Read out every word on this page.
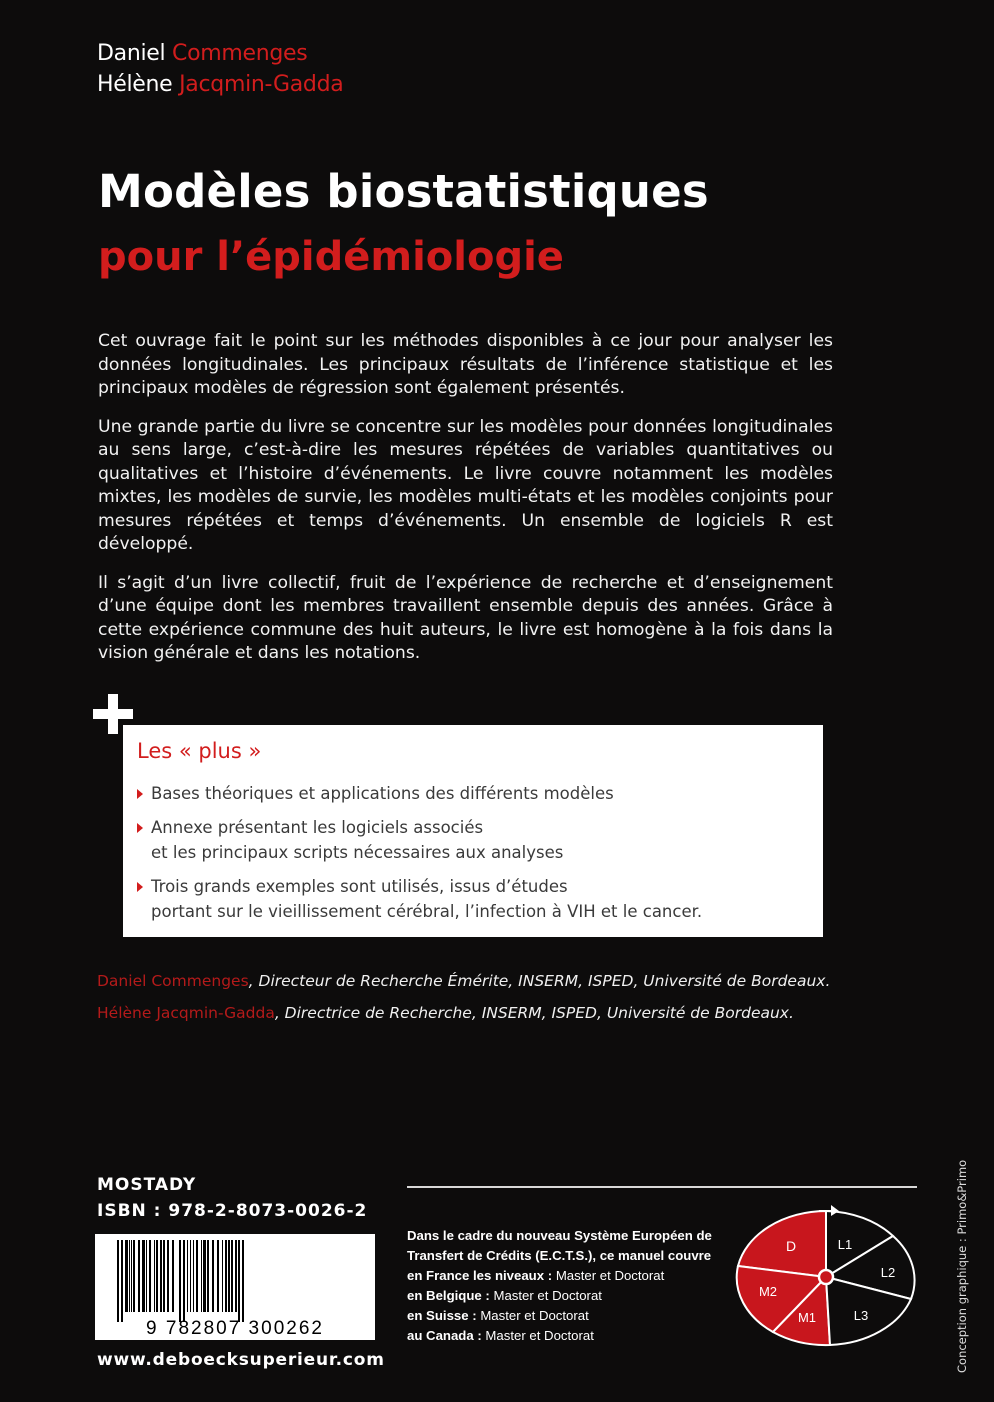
Daniel Commenges
Hélène Jacqmin-Gadda
Modèles biostatistiques
pour l’épidémiologie

Cet ouvrage fait le point sur les méthodes disponibles à ce jour pour analyser les données longitudinales. Les principaux résultats de l’inférence statistique et les principaux modèles de régression sont également présentés.

Une grande partie du livre se concentre sur les modèles pour données longitudinales au sens large, c’est-à-dire les mesures répétées de variables quantitatives ou qualitatives et l’histoire d’événements. Le livre couvre notamment les modèles mixtes, les modèles de survie, les modèles multi-états et les modèles conjoints pour mesures répétées et temps d’événements. Un ensemble de logiciels R est développé.

Il s’agit d’un livre collectif, fruit de l’expérience de recherche et d’enseignement d’une équipe dont les membres travaillent ensemble depuis des années. Grâce à cette expérience commune des huit auteurs, le livre est homogène à la fois dans la vision générale et dans les notations.

Les « plus »
Bases théoriques et applications des différents modèles
Annexe présentant les logiciels associés
et les principaux scripts nécessaires aux analyses
Trois grands exemples sont utilisés, issus d’études
portant sur le vieillissement cérébral, l’infection à VIH et le cancer.
Daniel Commenges, Directeur de Recherche Émérite, INSERM, ISPED, Université de Bordeaux.
Hélène Jacqmin-Gadda, Directrice de Recherche, INSERM, ISPED, Université de Bordeaux.
MOSTADY
ISBN : 978-2-8073-0026-2
9 782807 300262
www.deboecksuperieur.com
Dans le cadre du nouveau Système Européen de Transfert de Crédits (E.C.T.S.), ce manuel couvre
en France les niveaux : Master et Doctorat
en Belgique : Master et Doctorat
en Suisse : Master et Doctorat
au Canada : Master et Doctorat
D
M2
M1
L1
L2
L3	Conception graphique : Primo&Primo
